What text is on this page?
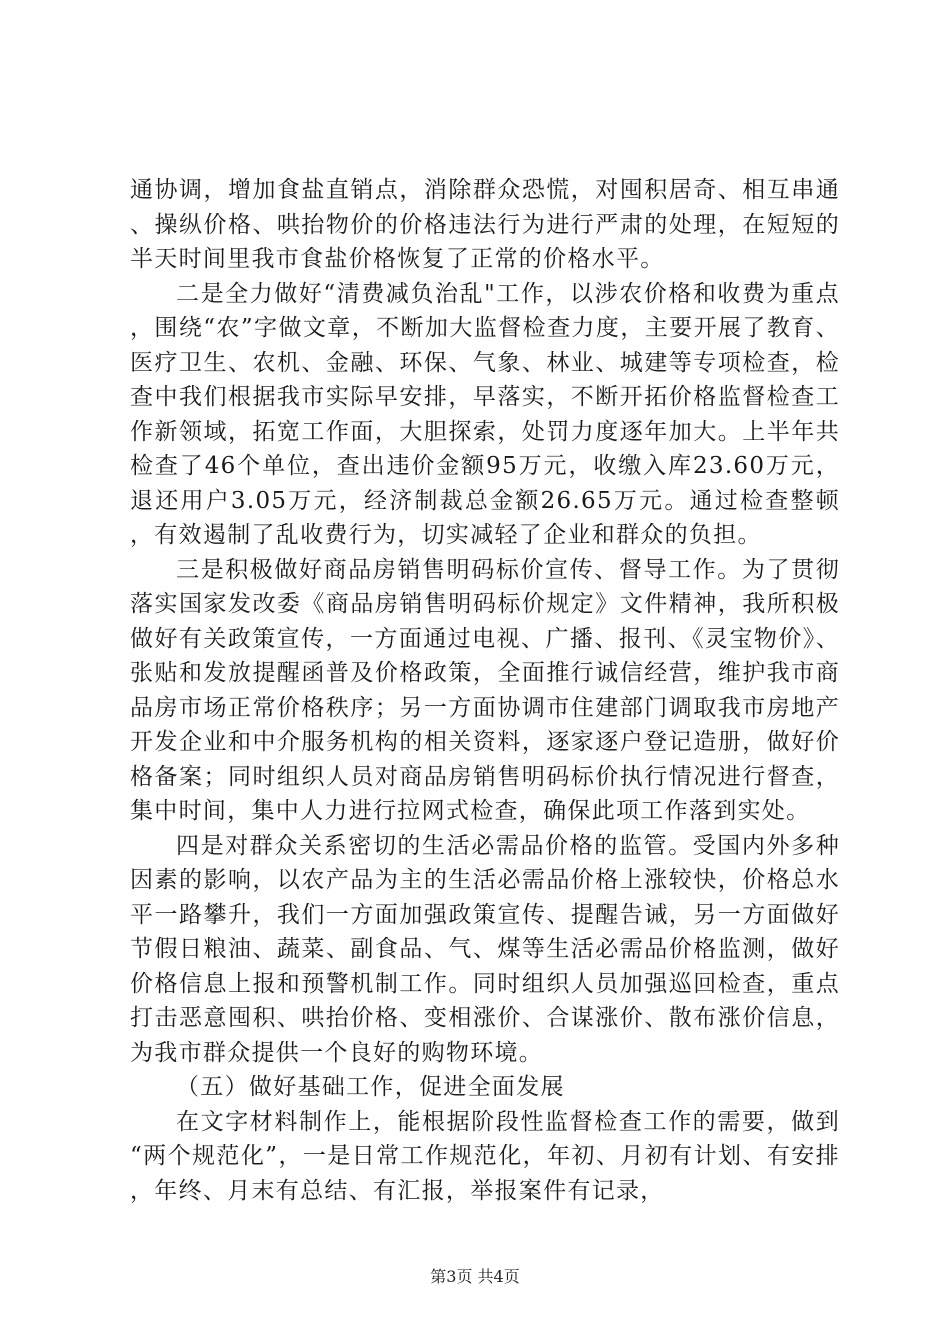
通协调，增加食盐直销点，消除群众恐慌，对囤积居奇、相互串通、操纵价格、哄抬物价的价格违法行为进行严肃的处理，在短短的半天时间里我市食盐价格恢复了正常的价格水平。

二是全力做好“清费减负治乱"工作，以涉农价格和收费为重点，围绕“农”字做文章，不断加大监督检查力度，主要开展了教育、医疗卫生、农机、金融、环保、气象、林业、城建等专项检查，检查中我们根据我市实际早安排，早落实，不断开拓价格监督检查工作新领域，拓宽工作面，大胆探索，处罚力度逐年加大。上半年共检查了46个单位，查出违价金额95万元，收缴入库23.60万元，退还用户3.05万元，经济制裁总金额26.65万元。通过检查整顿，有效遏制了乱收费行为，切实减轻了企业和群众的负担。

三是积极做好商品房销售明码标价宣传、督导工作。为了贯彻落实国家发改委《商品房销售明码标价规定》文件精神，我所积极做好有关政策宣传，一方面通过电视、广播、报刊、《灵宝物价》、张贴和发放提醒函普及价格政策，全面推行诚信经营，维护我市商品房市场正常价格秩序；另一方面协调市住建部门调取我市房地产开发企业和中介服务机构的相关资料，逐家逐户登记造册，做好价格备案；同时组织人员对商品房销售明码标价执行情况进行督查，集中时间，集中人力进行拉网式检查，确保此项工作落到实处。

四是对群众关系密切的生活必需品价格的监管。受国内外多种因素的影响，以农产品为主的生活必需品价格上涨较快，价格总水平一路攀升，我们一方面加强政策宣传、提醒告诫，另一方面做好节假日粮油、蔬菜、副食品、气、煤等生活必需品价格监测，做好价格信息上报和预警机制工作。同时组织人员加强巡回检查，重点打击恶意囤积、哄抬价格、变相涨价、合谋涨价、散布涨价信息，为我市群众提供一个良好的购物环境。

（五）做好基础工作，促进全面发展

在文字材料制作上，能根据阶段性监督检查工作的需要，做到“两个规范化”，一是日常工作规范化，年初、月初有计划、有安排，年终、月末有总结、有汇报，举报案件有记录，

第3页 共4页
